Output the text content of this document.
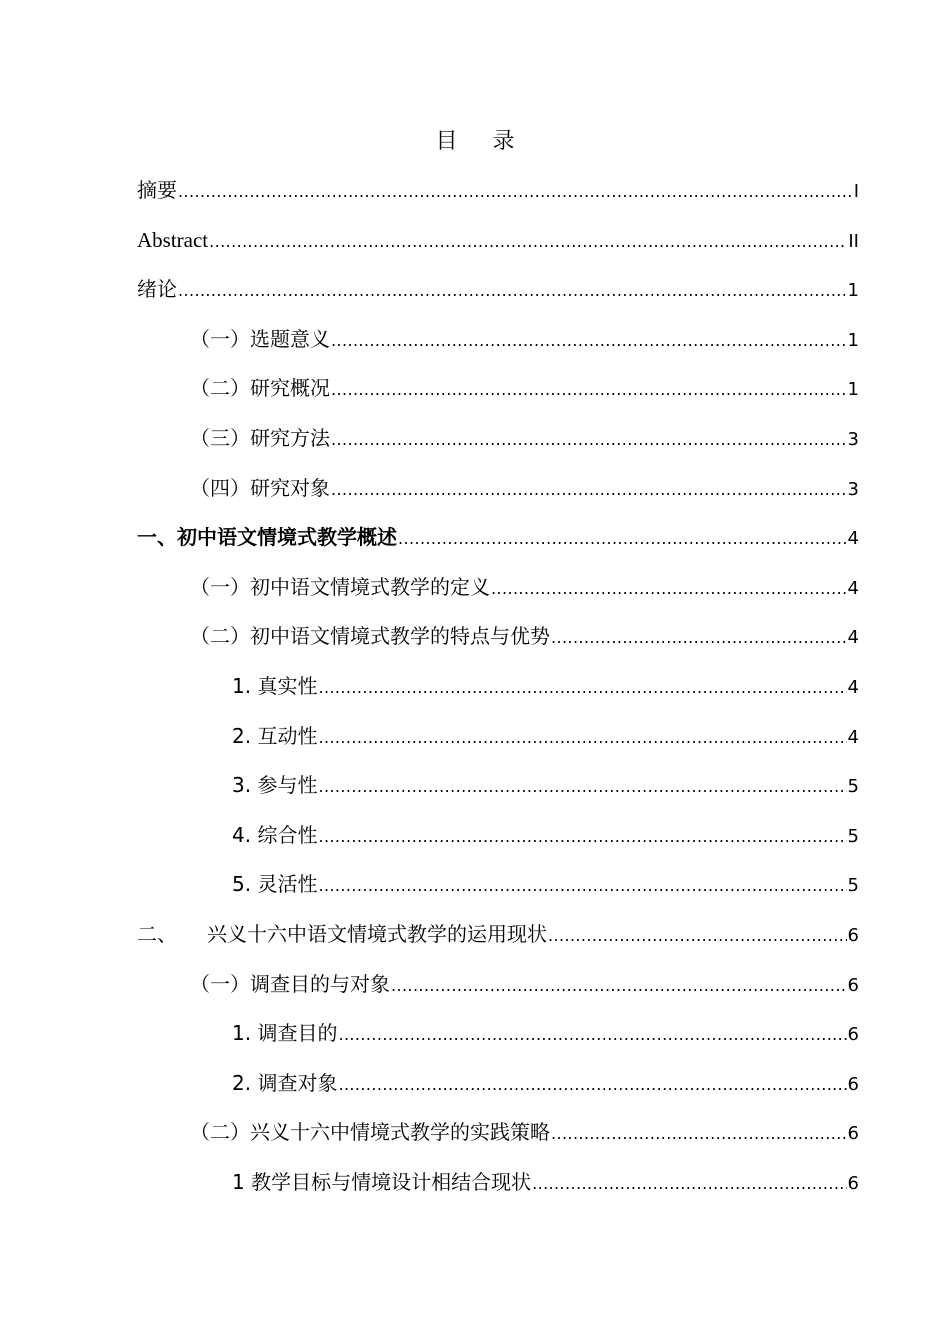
目 录
摘要 .....	I
Abstract .....	II
绪论 .....	1
（一）选题意义 .....	1
（二）研究概况 .....	1
（三）研究方法 .....	3
（四）研究对象 .....	3
一、初中语文情境式教学概述 .....	4
（一）初中语文情境式教学的定义 .....	4
（二）初中语文情境式教学的特点与优势 .....	4
1. 真实性 .....	4
2. 互动性 .....	4
3. 参与性 .....	5
4. 综合性 .....	5
5. 灵活性 .....	5
二、 兴义十六中语文情境式教学的运用现状 .....	6
（一）调查目的与对象 .....	6
1. 调查目的 .....	6
2. 调查对象 .....	6
（二）兴义十六中情境式教学的实践策略 .....	6
1 教学目标与情境设计相结合现状 .....	6
